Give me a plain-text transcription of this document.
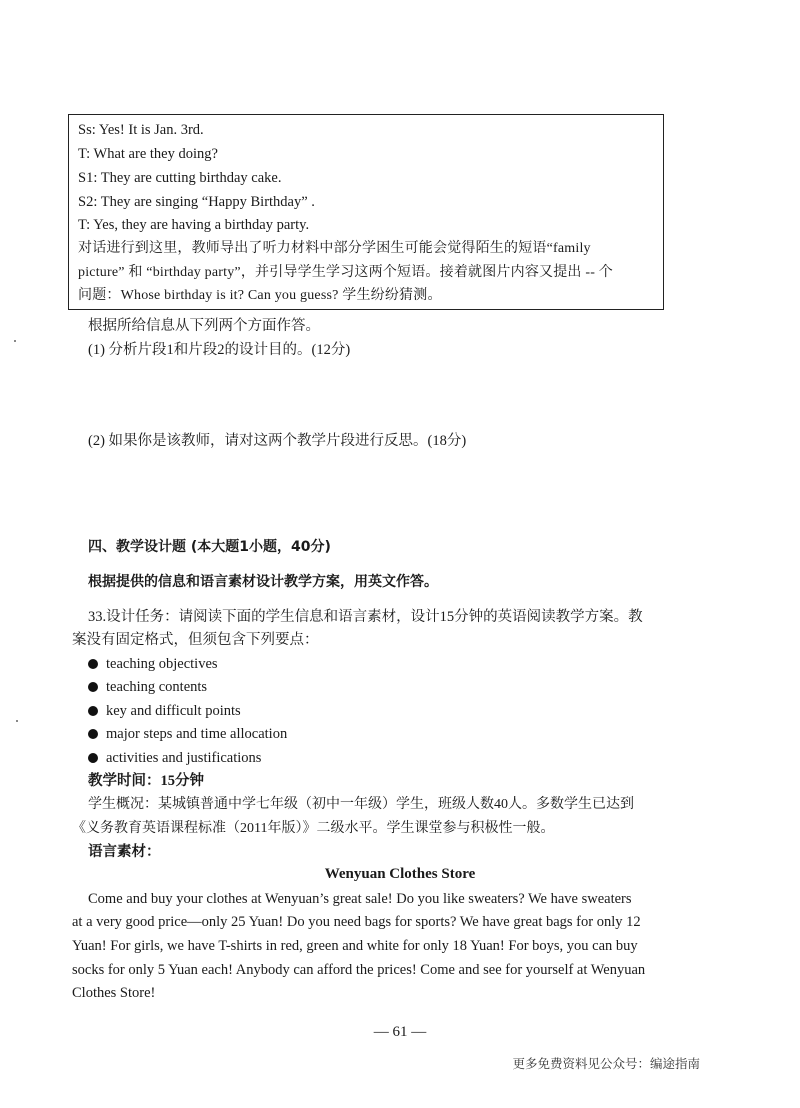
Ss: Yes! It is Jan. 3rd.
T: What are they doing?
S1: They are cutting birthday cake.
S2: They are singing “Happy Birthday” .
T: Yes, they are having a birthday party.
对话进行到这里，教师导出了听力材料中部分学困生可能会觉得陌生的短语“family
picture” 和 “birthday party”，并引导学生学习这两个短语。接着就图片内容又提出 -- 个
问题：Whose birthday is it? Can you guess? 学生纷纷猜测。
根据所给信息从下列两个方面作答。
(1) 分析片段1和片段2的设计目的。(12分)
(2) 如果你是该教师，请对这两个教学片段进行反思。(18分)
四、教学设计题 (本大题1小题，40分)
根据提供的信息和语言素材设计教学方案，用英文作答。
33.设计任务：请阅读下面的学生信息和语言素材，设计15分钟的英语阅读教学方案。教
案没有固定格式，但须包含下列要点：
teaching objectives
teaching contents
key and difficult points
major steps and time allocation
activities and justifications
教学时间：15分钟
学生概况：某城镇普通中学七年级（初中一年级）学生，班级人数40人。多数学生已达到
《义务教育英语课程标准（2011年版）》二级水平。学生课堂参与积极性一般。
语言素材：
Wenyuan Clothes Store
Come and buy your clothes at Wenyuan’s great sale! Do you like sweaters? We have sweaters
at a very good price—only 25 Yuan! Do you need bags for sports? We have great bags for only 12
Yuan! For girls, we have T-shirts in red, green and white for only 18 Yuan! For boys, you can buy
socks for only 5 Yuan each! Anybody can afford the prices! Come and see for yourself at Wenyuan
Clothes Store!
— 61 —
更多免费资料见公众号：编途指南
